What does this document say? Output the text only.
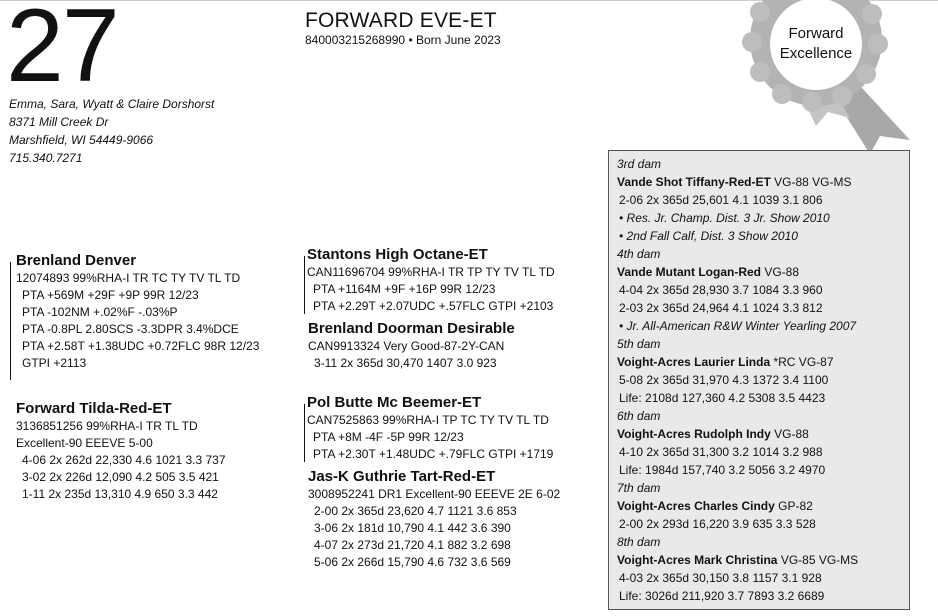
27
Emma, Sara, Wyatt & Claire Dorshorst
8371 Mill Creek Dr
Marshfield, WI 54449-9066
715.340.7271
FORWARD EVE-ET
840003215268990 • Born June 2023	Forward
Excellence
Brenland Denver
12074893 99%RHA-I TR TC TY TV TL TD
PTA +569M +29F +9P 99R 12/23
PTA -102NM +.02%F -.03%P
PTA -0.8PL 2.80SCS -3.3DPR 3.4%DCE
PTA +2.58T +1.38UDC +0.72FLC 98R 12/23
GTPI +2113
Forward Tilda-Red-ET
3136851256 99%RHA-I TR TL TD
Excellent-90 EEEVE 5-00
4-06 2x 262d 22,330 4.6 1021 3.3 737
3-02 2x 226d 12,090 4.2 505 3.5 421
1-11 2x 235d 13,310 4.9 650 3.3 442
Stantons High Octane-ET
CAN11696704 99%RHA-I TR TP TY TV TL TD
PTA +1164M +9F +16P 99R 12/23
PTA +2.29T +2.07UDC +.57FLC GTPI +2103
Brenland Doorman Desirable
CAN9913324 Very Good-87-2Y-CAN
3-11 2x 365d 30,470 1407 3.0 923
Pol Butte Mc Beemer-ET
CAN7525863 99%RHA-I TP TC TY TV TL TD
PTA +8M -4F -5P 99R 12/23
PTA +2.30T +1.48UDC +.79FLC GTPI +1719
Jas-K Guthrie Tart-Red-ET
3008952241 DR1 Excellent-90 EEEVE 2E 6-02
2-00 2x 365d 23,620 4.7 1121 3.6 853
3-06 2x 181d 10,790 4.1 442 3.6 390
4-07 2x 273d 21,720 4.1 882 3.2 698
5-06 2x 266d 15,790 4.6 732 3.6 569
3rd dam
Vande Shot Tiffany-Red-ET VG-88 VG-MS
2-06 2x 365d 25,601 4.1 1039 3.1 806
• Res. Jr. Champ. Dist. 3 Jr. Show 2010
• 2nd Fall Calf, Dist. 3 Show 2010
4th dam
Vande Mutant Logan-Red VG-88
4-04 2x 365d 28,930 3.7 1084 3.3 960
2-03 2x 365d 24,964 4.1 1024 3.3 812
• Jr. All-American R&W Winter Yearling 2007
5th dam
Voight-Acres Laurier Linda *RC VG-87
5-08 2x 365d 31,970 4.3 1372 3.4 1100
Life: 2108d 127,360 4.2 5308 3.5 4423
6th dam
Voight-Acres Rudolph Indy VG-88
4-10 2x 365d 31,300 3.2 1014 3.2 988
Life: 1984d 157,740 3.2 5056 3.2 4970
7th dam
Voight-Acres Charles Cindy GP-82
2-00 2x 293d 16,220 3.9 635 3.3 528
8th dam
Voight-Acres Mark Christina VG-85 VG-MS
4-03 2x 365d 30,150 3.8 1157 3.1 928
Life: 3026d 211,920 3.7 7893 3.2 6689
